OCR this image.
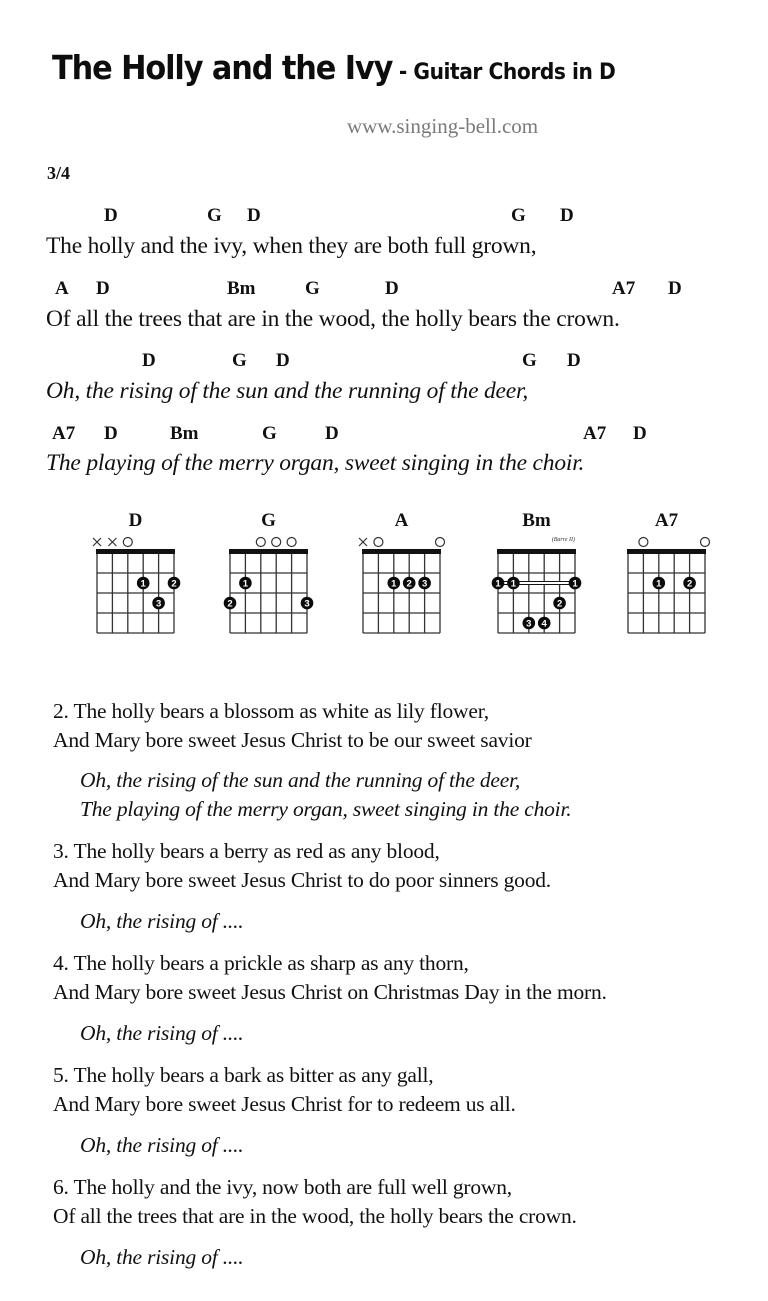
The Holly and the Ivy - Guitar Chords in D
www.singing-bell.com
3/4
D	G D	G D
The holly and the ivy, when they are both full grown,
A D	Bm	G	D	A7 D
Of all the trees that are in the wood, the holly bears the crown.
D	G D	G D
Oh, the rising of the sun and the running of the deer,
A7 D	Bm	G	D	A7 D
The playing of the merry organ, sweet singing in the choir.
D
1	2
3
G
1
2	3
A
1 2 3
Bm
(Barre II)
1 1	1
2
3 4
A7
1	2
2. The holly bears a blossom as white as lily flower,
And Mary bore sweet Jesus Christ to be our sweet savior
Oh, the rising of the sun and the running of the deer,
The playing of the merry organ, sweet singing in the choir.
3. The holly bears a berry as red as any blood,
And Mary bore sweet Jesus Christ to do poor sinners good.
Oh, the rising of ....
4. The holly bears a prickle as sharp as any thorn,
And Mary bore sweet Jesus Christ on Christmas Day in the morn.
Oh, the rising of ....
5. The holly bears a bark as bitter as any gall,
And Mary bore sweet Jesus Christ for to redeem us all.
Oh, the rising of ....
6. The holly and the ivy, now both are full well grown,
Of all the trees that are in the wood, the holly bears the crown.
Oh, the rising of ....
